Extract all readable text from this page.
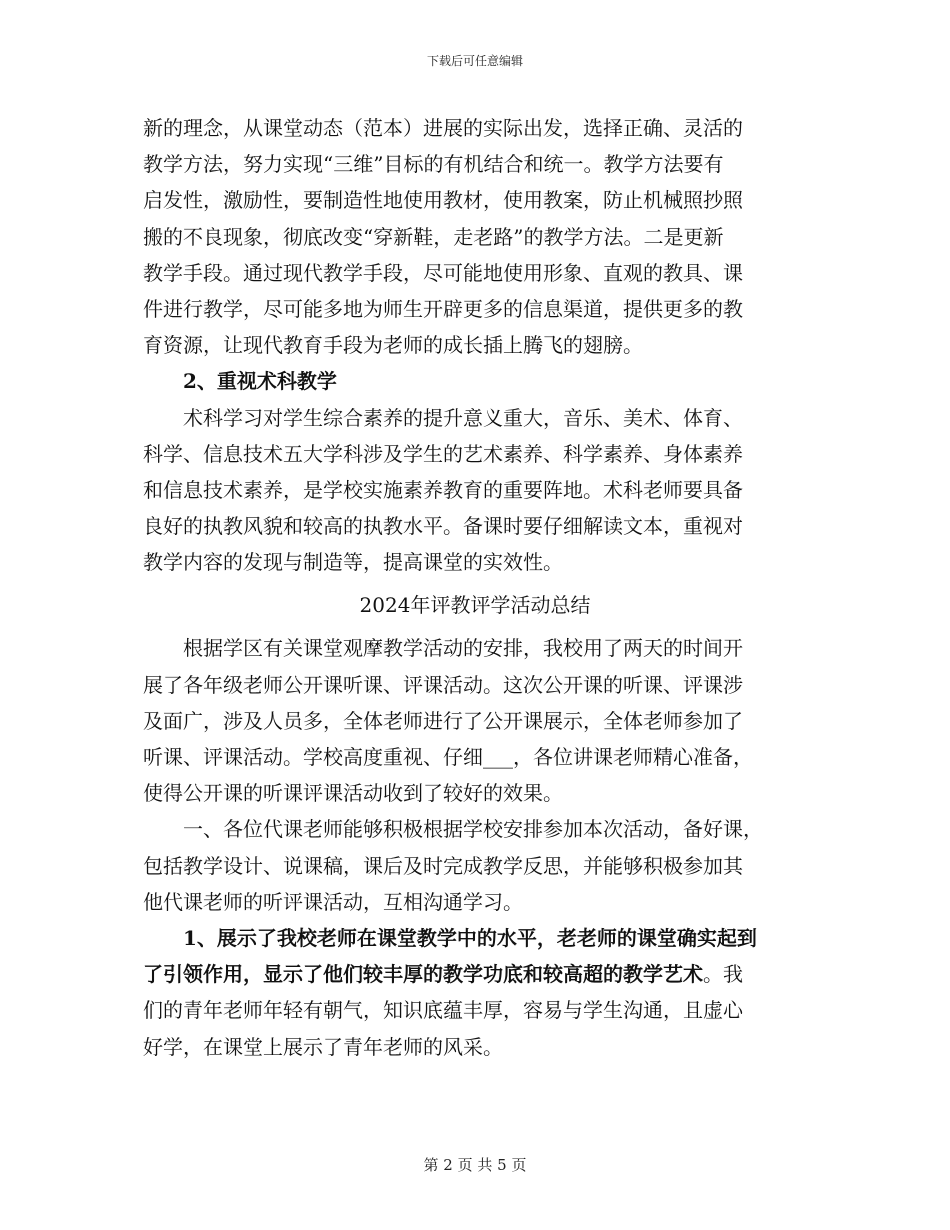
下载后可任意编辑
新的理念，从课堂动态（范本）进展的实际出发，选择正确、灵活的
教学方法，努力实现“三维”目标的有机结合和统一。教学方法要有
启发性，激励性，要制造性地使用教材，使用教案，防止机械照抄照
搬的不良现象，彻底改变“穿新鞋，走老路”的教学方法。二是更新
教学手段。通过现代教学手段，尽可能地使用形象、直观的教具、课
件进行教学，尽可能多地为师生开辟更多的信息渠道，提供更多的教
育资源，让现代教育手段为老师的成长插上腾飞的翅膀。
2、重视术科教学
术科学习对学生综合素养的提升意义重大，音乐、美术、体育、
科学、信息技术五大学科涉及学生的艺术素养、科学素养、身体素养
和信息技术素养，是学校实施素养教育的重要阵地。术科老师要具备
良好的执教风貌和较高的执教水平。备课时要仔细解读文本，重视对
教学内容的发现与制造等，提高课堂的实效性。
2024年评教评学活动总结
根据学区有关课堂观摩教学活动的安排，我校用了两天的时间开
展了各年级老师公开课听课、评课活动。这次公开课的听课、评课涉
及面广，涉及人员多，全体老师进行了公开课展示，全体老师参加了
听课、评课活动。学校高度重视、仔细___，各位讲课老师精心准备，
使得公开课的听课评课活动收到了较好的效果。
一、各位代课老师能够积极根据学校安排参加本次活动，备好课，
包括教学设计、说课稿，课后及时完成教学反思，并能够积极参加其
他代课老师的听评课活动，互相沟通学习。
1、展示了我校老师在课堂教学中的水平，老老师的课堂确实起到
了引领作用，显示了他们较丰厚的教学功底和较高超的教学艺术。我
们的青年老师年轻有朝气，知识底蕴丰厚，容易与学生沟通，且虚心
好学，在课堂上展示了青年老师的风采。
第 2 页 共 5 页
